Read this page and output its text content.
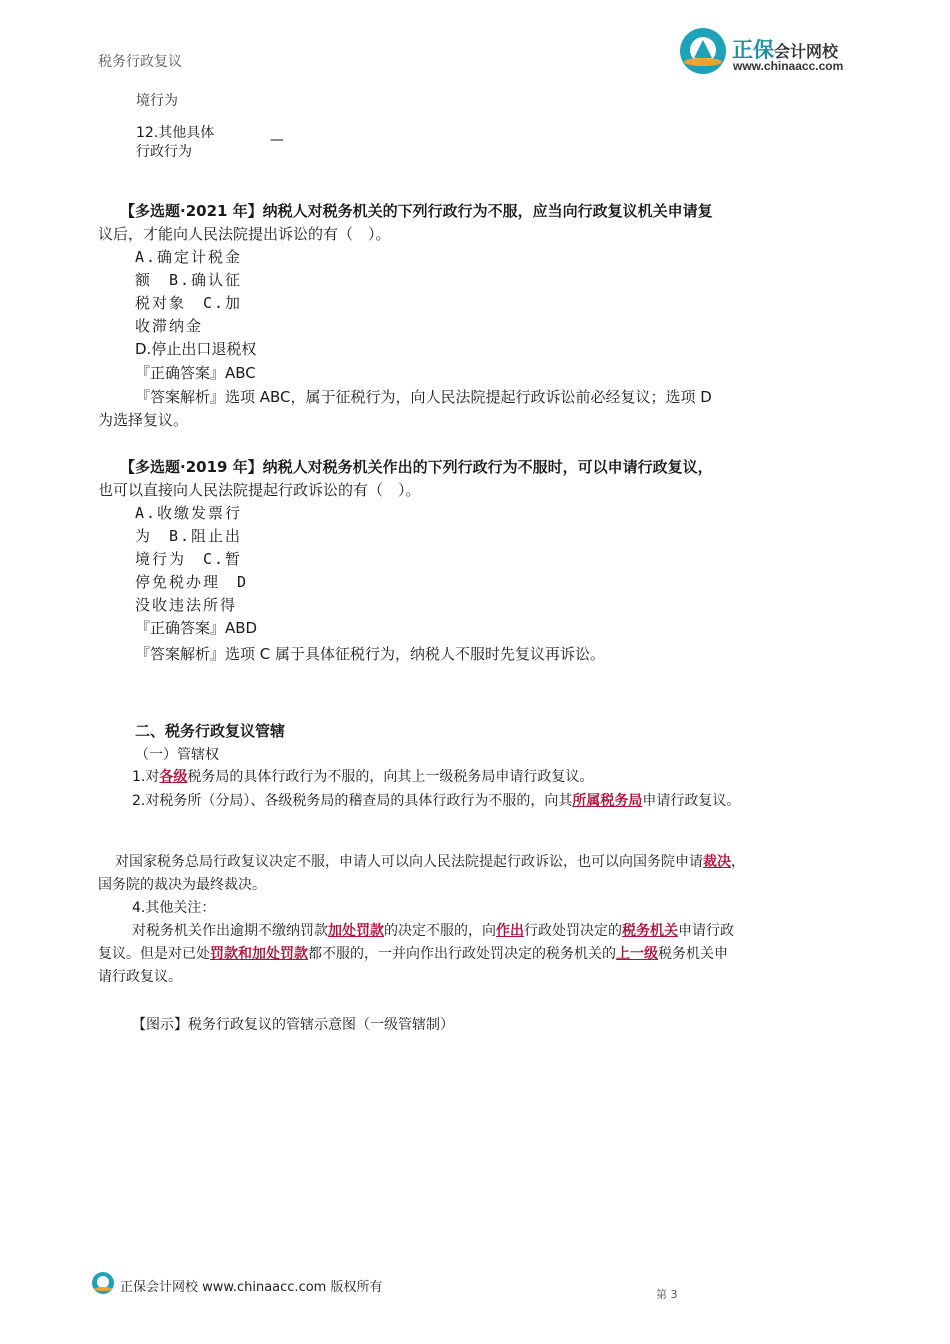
正保会计网校
www.chinaacc.com
税务行政复议
境行为
12.其他具体
行政行为
—
【多选题·2021 年】纳税人对税务机关的下列行政行为不服，应当向行政复议机关申请复
议后，才能向人民法院提出诉讼的有（　）。
A.确定计税金
额　B.确认征
税对象　C.加
收滞纳金
D.停止出口退税权
『正确答案』ABC
『答案解析』选项 ABC，属于征税行为，向人民法院提起行政诉讼前必经复议；选项 D
为选择复议。
【多选题·2019 年】纳税人对税务机关作出的下列行政行为不服时，可以申请行政复议，
也可以直接向人民法院提起行政诉讼的有（　）。
A.收缴发票行
为　B.阻止出
境行为　C.暂
停免税办理　D
没收违法所得
『正确答案』ABD
『答案解析』选项 C 属于具体征税行为，纳税人不服时先复议再诉讼。
二、税务行政复议管辖
（一）管辖权
1.对各级税务局的具体行政行为不服的，向其上一级税务局申请行政复议。
2.对税务所（分局）、各级税务局的稽查局的具体行政行为不服的，向其所属税务局申请行政复议。
对国家税务总局行政复议决定不服，申请人可以向人民法院提起行政诉讼，也可以向国务院申请裁决，
国务院的裁决为最终裁决。
4.其他关注：
对税务机关作出逾期不缴纳罚款加处罚款的决定不服的，向作出行政处罚决定的税务机关申请行政
复议。但是对已处罚款和加处罚款都不服的，一并向作出行政处罚决定的税务机关的上一级税务机关申
请行政复议。
【图示】税务行政复议的管辖示意图（一级管辖制）
正保会计网校 www.chinaacc.com 版权所有	第 3
